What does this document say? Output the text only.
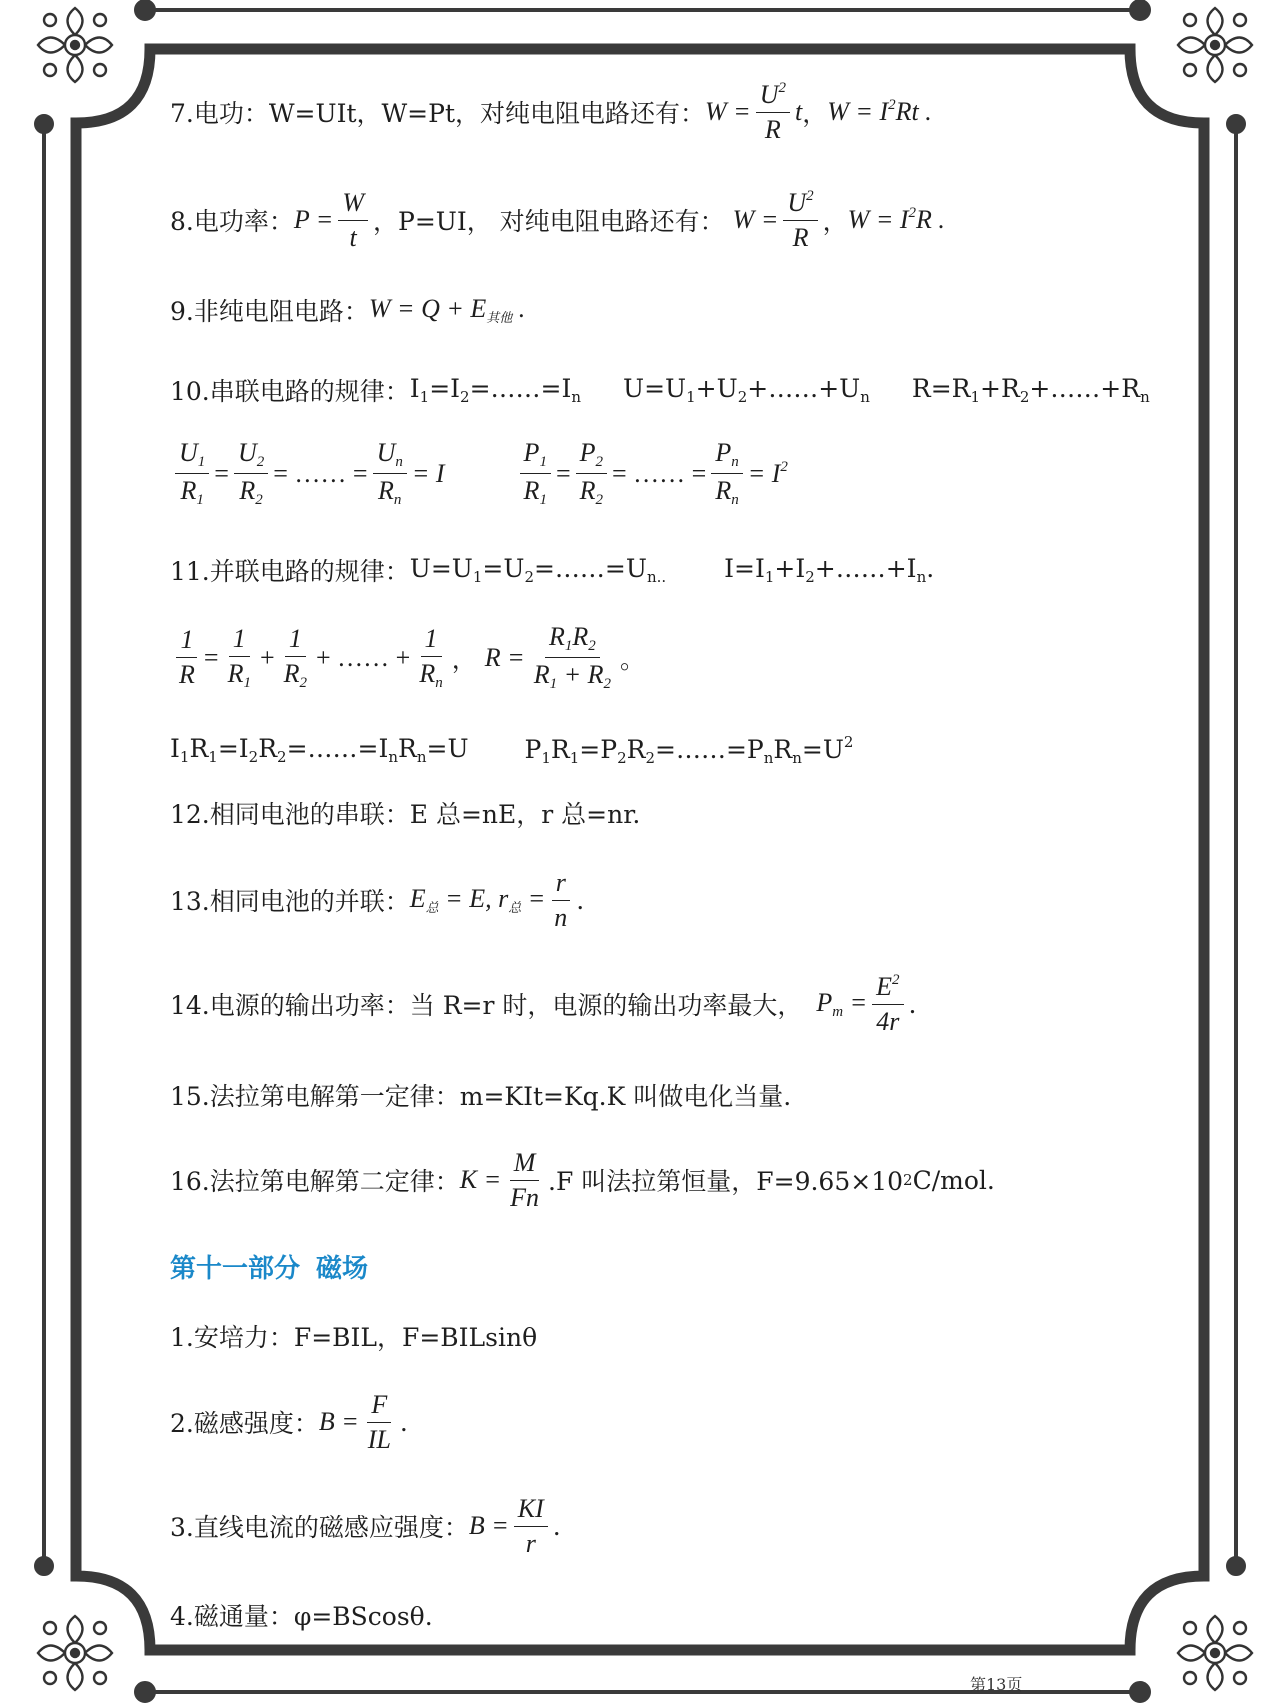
7.电功：W=UIt，W=Pt，对纯电阻电路还有： $W = \frac{U^2}{R}$ t ， $W = I^2Rt$ .
8.电功率： $P = \frac{W}{t}$ ，P=UI， 对纯电阻电路还有： $W = \frac{U^2}{R}$ ， $W = I^2R$ .
9.非纯电阻电路： $W = Q + E_{其他}$ .
10.串联电路的规律： $I_1=I_2=\dots\dots=I_n$ $U=U_1+U_2+\dots\dots+U_n$ $R=R_1+R_2+\dots\dots+R_n$
$\frac{U_1}{R_1} = \frac{U_2}{R_2}$ = …… = $\frac{U_n}{R_n} = I$	$\frac{P_1}{R_1} = \frac{P_2}{R_2}$ = …… = $\frac{P_n}{R_n} = I^2$
11.并联电路的规律： $U=U_1=U_2=\dots\dots=U_{n..}$ $I=I_1+I_2+\dots\dots+I_n$.
$\frac{1}{R} = \frac{1}{R_1} + \frac{1}{R_2}$ + …… + $\frac{1}{R_n}$ ， $R = \frac{R_1R_2}{R_1 + R_2}$ 。
$I_1R_1=I_2R_2=\dots\dots=I_nR_n=U$ $P_1R_1=P_2R_2=\dots\dots=P_nR_n=U^2$
12.相同电池的串联：E 总=nE，r 总=nr.
13.相同电池的并联： $E_总 = E$, $r_总 = \frac{r}{n}$ .
14.电源的输出功率：当 R=r 时，电源的输出功率最大， $P_m = \frac{E^2}{4r}$ .
15.法拉第电解第一定律：m=KIt=Kq.K 叫做电化当量.
16.法拉第电解第二定律： $K = \frac{M}{Fn} .F$ 叫法拉第恒量，F=9.65×10 2 C/mol.
第十一部分 磁场
1.安培力：F=BIL，F=BILsinθ
2.磁感强度： $B = \frac{F}{IL}$ .
3.直线电流的磁感应强度： $B = \frac{KI}{r}$ .
4.磁通量：φ=BScosθ.
第13页
